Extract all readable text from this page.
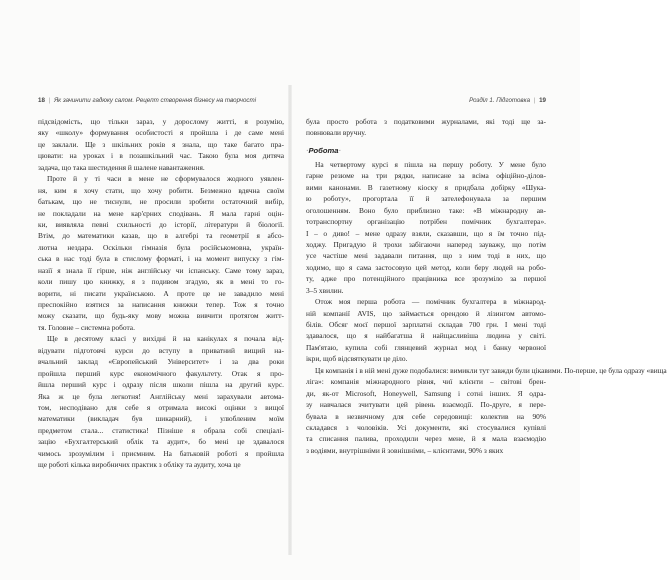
18 | Як зачинити гадюку салом. Рецепт створення бізнесу на творчості
підсвідомість, що тільки зараз, у дорослому житті, я розумію,
яку «школу» формування особистості я пройшла і де саме мені
це заклали. Ще з шкільних років я знала, що таке багато пра-
цювати: на уроках і в позашкільний час. Такою була моя дитяча
задача, що така шестидення й шалене навантаження.
Проте й у ті часи в мене не сформувалося жодного уявлен-
ня, ким я хочу стати, що хочу робити. Безмежно вдячна своїм
батькам, що не тиснули, не просили зробити остаточний вибір,
не покладали на мене кар'єрних сподівань. Я мала гарні оцін-
ки, виявляла певні схильності до історії, літератури й біології.
Втім, до математики казав, що в алгебрі та геометрії я абсо-
лютна нездара. Оскільки гімназія була російськомовна, україн-
ська в нас тоді була в стислому форматі, і на момент випуску з гім-
назії я знала її гірше, ніж англійську чи іспанську. Саме тому зараз,
коли пишу цю книжку, я з подивом згадую, як в мені то го-
ворити, ні писати українською. А проте це не завадило мені
преспокійно взятися за написання книжки тепер. Тож я точно
можу сказати, що будь-яку мову можна вивчити протягом житт-
тя. Головне – системна робота.
Ще в десятому класі у вихідні й на канікулах я почала від-
відувати підготовчі курси до вступу в приватний вищий на-
вчальний заклад «Європейський Університет» і за два роки
пройшла перший курс економічного факультету. Отак я про-
йшла перший курс і одразу після школи пішла на другий курс.
Яка ж це була легкотня! Англійську мені зарахували автома-
том, несподівано для себе я отримала високі оцінки з вищої
математики (викладач був шикарний), і улюбленим моїм
предметом стала... статистика! Пізніше я обрала собі спеціалі-
зацію «Бухгалтерський облік та аудит», бо мені це здавалося
чимось зрозумілим і приємним. На батьковій роботі я пройшла
ще роботі кілька виробничих практик з обліку та аудиту, хоча це
Розділ 1. Підготовка | 19
була просто робота з податковими журналами, які тоді ще за-
повнювали вручну.
·Робота·
На четвертому курсі я пішла на першу роботу. У мене було
гарне резюме на три рядки, написане за всіма офіційно-ділов-
вими канонами. В газетному кіоску я придбала добірку «Шука-
ю роботу», прогортала її й зателефонувала за першим
оголошенням. Воно було приблизно таке: «В міжнародну ав-
тотранспортну організацію потрібен помічник бухгалтера».
І – о диво! – мене одразу взяли, сказавши, що я їм точно під-
ходжу. Пригадую й трохи забігаючи наперед зауважу, що потім
усе частіше мені задавали питання, що з ним тоді в них, що
ходимо, що я сама застосовую цей метод, коли беру людей на робо-
ту, адже про потенційного працівника все зрозуміло за першої
3–5 хвилин.
Отож моя перша робота — помічник бухгалтера в міжнарод-
ній компанії AVIS, що займається орендою й лізингом автомо-
білів. Обсяг моєї першої зарплатні складав 700 грн. І мені тоді
здавалося, що я найбагатша й найщасливіша людина у світі.
Пам'ятаю, купила собі глянцевий журнал мод і банку червоної
ікри, щоб відсвяткувати це діло.
Ця компанія і в ній мені дуже подобалися: вимикли тут завжди були цікавими. По-перше, це була одразу «вища
ліга»: компанія міжнародного рівня, чиї клієнти – світові брен-
ди, як-от Microsoft, Honeywell, Samsung і сотні інших. Я одра-
зу навчалася зчитувати цей рівень взаємодії. По-друге, я пере-
бувала в незвичному для себе середовищі: колектив на 90%
складався з чоловіків. Усі документи, які стосувалися купівлі
та списання палива, проходили через мене, й я мала взаємодію
з водіями, внутрішніми й зовнішніми, – клієнтами, 90% з яких
